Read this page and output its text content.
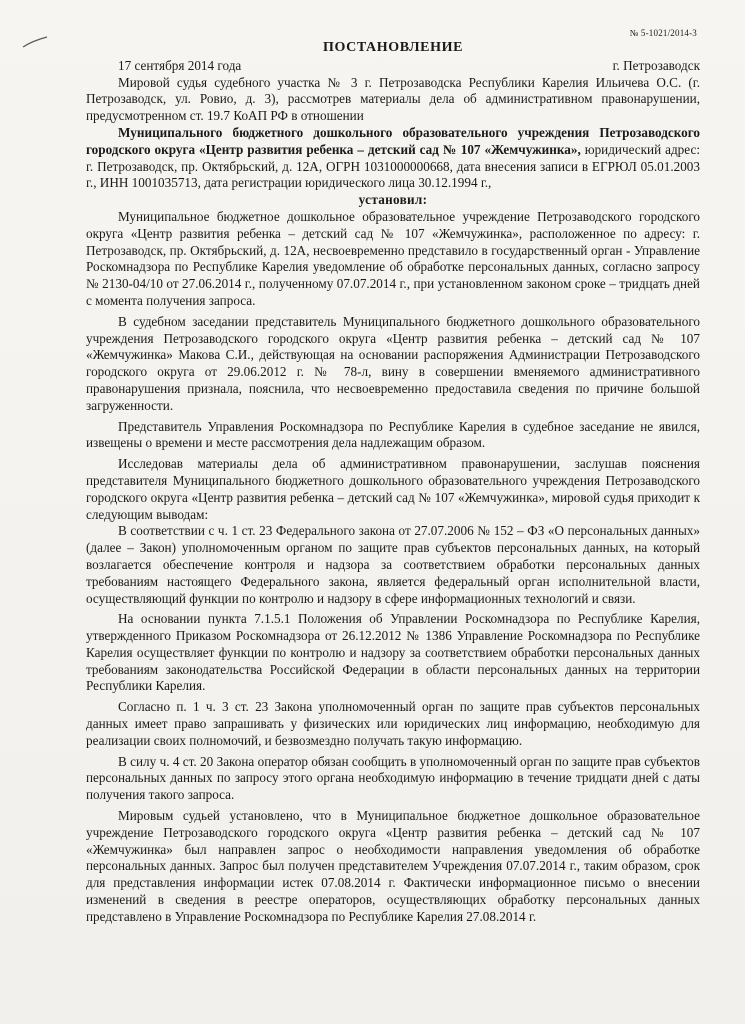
№ 5-1021/2014-3
ПОСТАНОВЛЕНИЕ
17 сентября 2014 года	г. Петрозаводск

Мировой судья судебного участка № 3 г. Петрозаводска Республики Карелия Ильичева О.С. (г. Петрозаводск, ул. Ровио, д. 3), рассмотрев материалы дела об административном правонарушении, предусмотренном ст. 19.7 КоАП РФ в отношении

Муниципального бюджетного дошкольного образовательного учреждения Петрозаводского городского округа «Центр развития ребенка – детский сад № 107 «Жемчужинка», юридический адрес: г. Петрозаводск, пр. Октябрьский, д. 12А, ОГРН 1031000000668, дата внесения записи в ЕГРЮЛ 05.01.2003 г., ИНН 1001035713, дата регистрации юридического лица 30.12.1994 г.,

установил:

Муниципальное бюджетное дошкольное образовательное учреждение Петрозаводского городского округа «Центр развития ребенка – детский сад № 107 «Жемчужинка», расположенное по адресу: г. Петрозаводск, пр. Октябрьский, д. 12А, несвоевременно представило в государственный орган - Управление Роскомнадзора по Республике Карелия уведомление об обработке персональных данных, согласно запросу № 2130-04/10 от 27.06.2014 г., полученному 07.07.2014 г., при установленном законом сроке – тридцать дней с момента получения запроса.

В судебном заседании представитель Муниципального бюджетного дошкольного образовательного учреждения Петрозаводского городского округа «Центр развития ребенка – детский сад № 107 «Жемчужинка» Макова С.И., действующая на основании распоряжения Администрации Петрозаводского городского округа от 29.06.2012 г. № 78-л, вину в совершении вменяемого административного правонарушения признала, пояснила, что несвоевременно предоставила сведения по причине большой загруженности.

Представитель Управления Роскомнадзора по Республике Карелия в судебное заседание не явился, извещены о времени и месте рассмотрения дела надлежащим образом.

Исследовав материалы дела об административном правонарушении, заслушав пояснения представителя Муниципального бюджетного дошкольного образовательного учреждения Петрозаводского городского округа «Центр развития ребенка – детский сад № 107 «Жемчужинка», мировой судья приходит к следующим выводам:

В соответствии с ч. 1 ст. 23 Федерального закона от 27.07.2006 № 152 – ФЗ «О персональных данных» (далее – Закон) уполномоченным органом по защите прав субъектов персональных данных, на который возлагается обеспечение контроля и надзора за соответствием обработки персональных данных требованиям настоящего Федерального закона, является федеральный орган исполнительной власти, осуществляющий функции по контролю и надзору в сфере информационных технологий и связи.

На основании пункта 7.1.5.1 Положения об Управлении Роскомнадзора по Республике Карелия, утвержденного Приказом Роскомнадзора от 26.12.2012 № 1386 Управление Роскомнадзора по Республике Карелия осуществляет функции по контролю и надзору за соответствием обработки персональных данных требованиям законодательства Российской Федерации в области персональных данных на территории Республики Карелия.

Согласно п. 1 ч. 3 ст. 23 Закона уполномоченный орган по защите прав субъектов персональных данных имеет право запрашивать у физических или юридических лиц информацию, необходимую для реализации своих полномочий, и безвозмездно получать такую информацию.

В силу ч. 4 ст. 20 Закона оператор обязан сообщить в уполномоченный орган по защите прав субъектов персональных данных по запросу этого органа необходимую информацию в течение тридцати дней с даты получения такого запроса.

Мировым судьей установлено, что в Муниципальное бюджетное дошкольное образовательное учреждение Петрозаводского городского округа «Центр развития ребенка – детский сад № 107 «Жемчужинка» был направлен запрос о необходимости направления уведомления об обработке персональных данных. Запрос был получен представителем Учреждения 07.07.2014 г., таким образом, срок для представления информации истек 07.08.2014 г. Фактически информационное письмо о внесении изменений в сведения в реестре операторов, осуществляющих обработку персональных данных представлено в Управление Роскомнадзора по Республике Карелия 27.08.2014 г.
